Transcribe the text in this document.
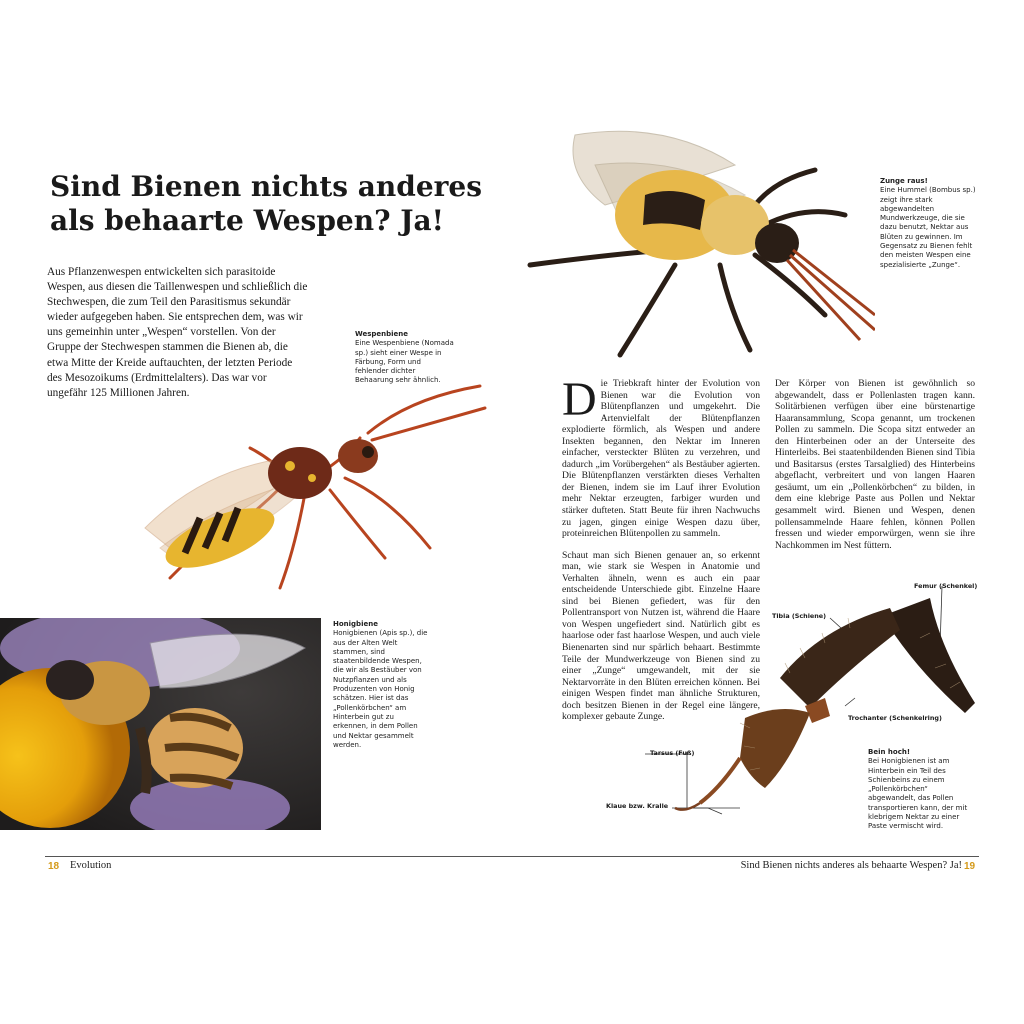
Sind Bienen nichts anderes
als behaarte Wespen? Ja!
Aus Pflanzenwespen entwickelten sich parasitoide Wespen, aus diesen die Taillenwespen und schließlich die Stechwespen, die zum Teil den Parasitismus sekundär wieder aufgegeben haben. Sie entsprechen dem, was wir uns gemeinhin unter „Wespen“ vorstellen. Von der Gruppe der Stechwespen stammen die Bienen ab, die etwa Mitte der Kreide auftauchten, der letzten Periode des Mesozoikums (Erdmittelalters). Das war vor ungefähr 125 Millionen Jahren.
Wespenbiene
Eine Wespenbiene (Nomada sp.) sieht einer Wespe in Färbung, Form und fehlender dichter Behaarung sehr ähnlich.
Zunge raus!
Eine Hummel (Bombus sp.) zeigt ihre stark abgewandelten Mundwerkzeuge, die sie dazu benutzt, Nektar aus Blüten zu gewinnen. Im Gegensatz zu Bienen fehlt den meisten Wespen eine spezialisierte „Zunge“.
Honigbiene
Honigbienen (Apis sp.), die aus der Alten Welt stammen, sind staatenbildende Wespen, die wir als Bestäuber von Nutzpflanzen und als Produzenten von Honig schätzen. Hier ist das „Pollenkörbchen“ am Hinterbein gut zu erkennen, in dem Pollen und Nektar gesammelt werden.

Die Triebkraft hinter der Evolution von Bienen war die Evolution von Blütenpflanzen und umgekehrt. Die Artenvielfalt der Blütenpflanzen explodierte förmlich, als Wespen und andere Insekten begannen, den Nektar im Inneren einfacher, versteckter Blüten zu verzehren, und dadurch „im Vorübergehen“ als Bestäuber agierten. Die Blütenpflanzen verstärkten dieses Verhalten der Bienen, indem sie im Lauf ihrer Evolution mehr Nektar erzeugten, farbiger wurden und stärker dufteten. Statt Beute für ihren Nachwuchs zu jagen, gingen einige Wespen dazu über, proteinreichen Blütenpollen zu sammeln.

Schaut man sich Bienen genauer an, so erkennt man, wie stark sie Wespen in Anatomie und Verhalten ähneln, wenn es auch ein paar entscheidende Unterschiede gibt. Einzelne Haare sind bei Bienen gefiedert, was für den Pollentransport von Nutzen ist, während die Haare von Wespen ungefiedert sind. Natürlich gibt es haarlose oder fast haarlose Wespen, und auch viele Bienenarten sind nur spärlich behaart. Bestimmte Teile der Mundwerkzeuge von Bienen sind zu einer „Zunge“ umgewandelt, mit der sie Nektarvorräte in den Blüten erreichen können. Bei einigen Wespen findet man ähnliche Strukturen, doch besitzen Bienen in der Regel eine längere, komplexer gebaute Zunge.

Der Körper von Bienen ist gewöhnlich so abgewandelt, dass er Pollenlasten tragen kann. Solitärbienen verfügen über eine bürstenartige Haaransammlung, Scopa genannt, um trockenen Pollen zu sammeln. Die Scopa sitzt entweder an den Hinterbeinen oder an der Unterseite des Hinterleibs. Bei staatenbildenden Bienen sind Tibia und Basitarsus (erstes Tarsalglied) des Hinterbeins abgeflacht, verbreitert und von langen Haaren gesäumt, um ein „Pollenkörbchen“ zu bilden, in dem eine klebrige Paste aus Pollen und Nektar gesammelt wird. Bienen und Wespen, denen pollensammelnde Haare fehlen, können Pollen fressen und wieder emporwürgen, wenn sie ihre Nachkommen im Nest füttern.

Femur (Schenkel)
Tibia (Schiene)
Trochanter (Schenkelring)
Tarsus (Fuß)
Klaue bzw. Kralle
Bein hoch!
Bei Honigbienen ist am Hinterbein ein Teil des Schienbeins zu einem „Pollenkörbchen“ abgewandelt, das Pollen transportieren kann, der mit klebrigem Nektar zu einer Paste vermischt wird.
18 Evolution	Sind Bienen nichts anderes als behaarte Wespen? Ja! 19
